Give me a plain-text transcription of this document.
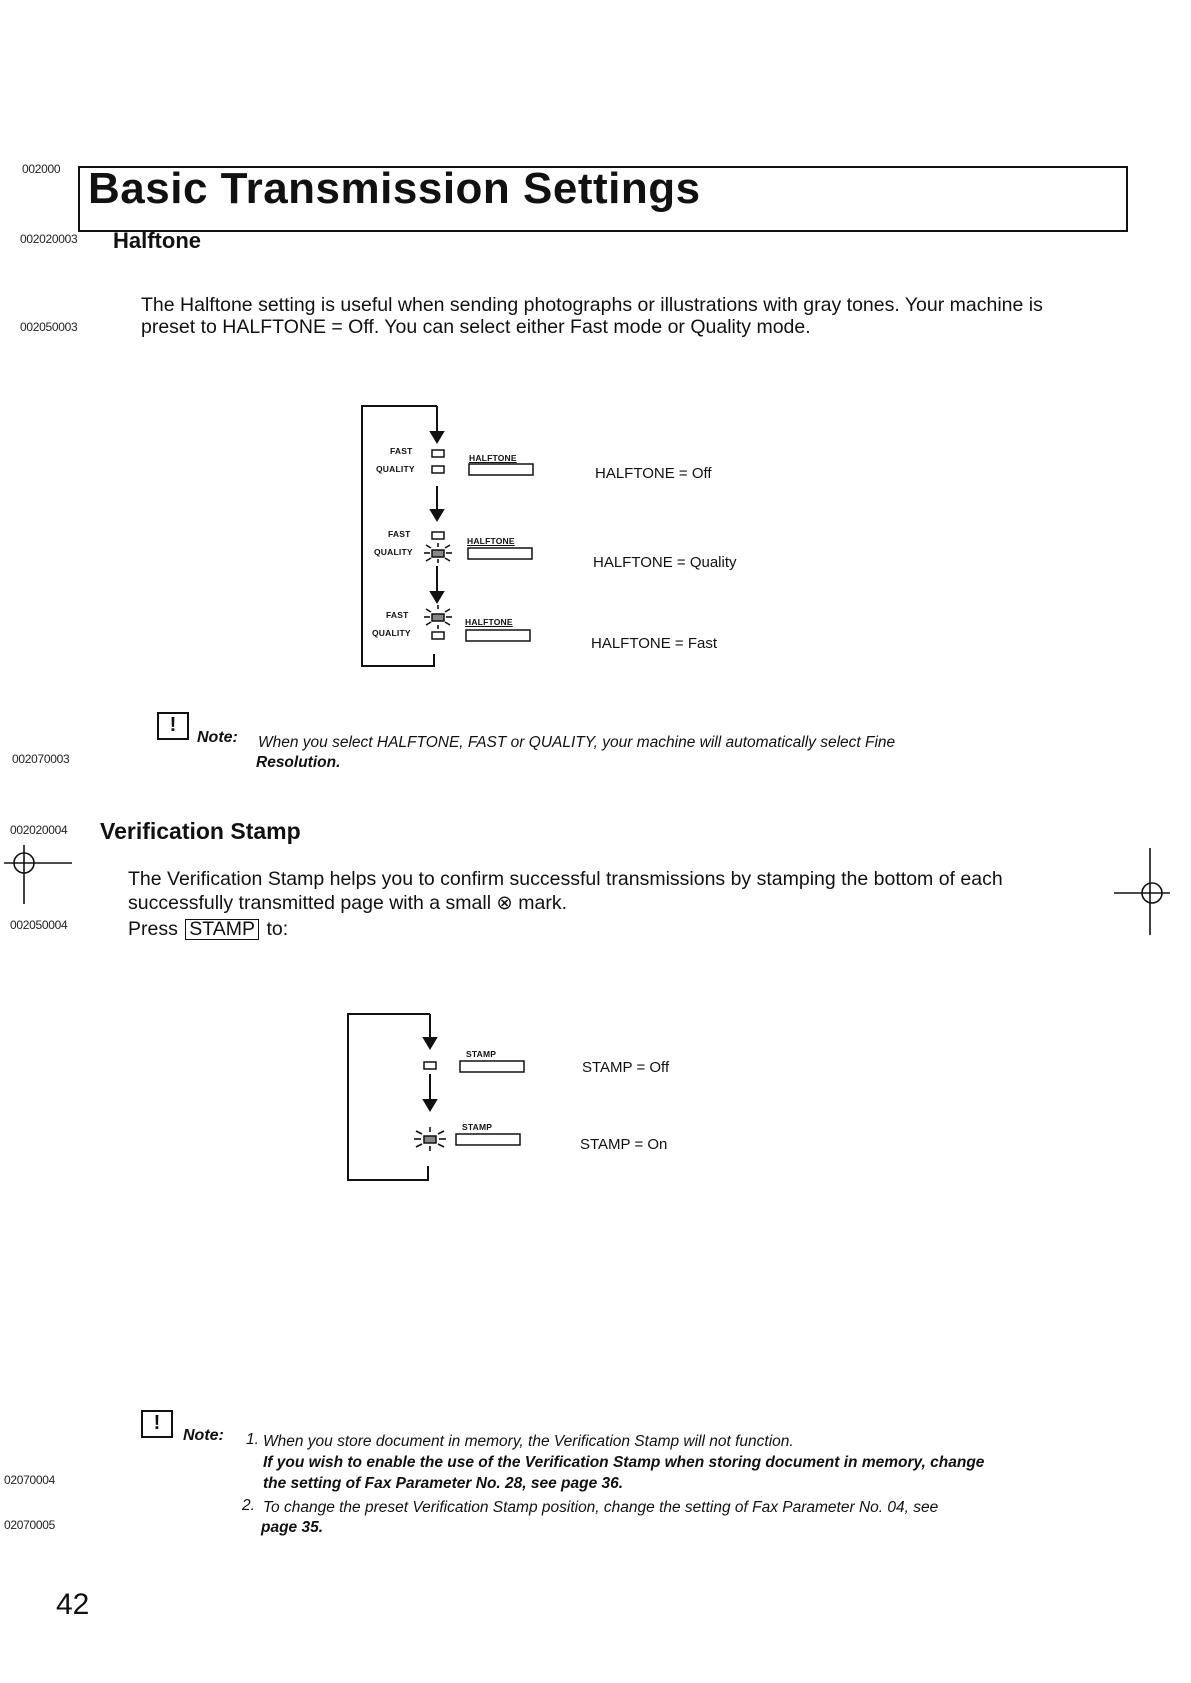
002000 Basic Transmission Settings
002020003 Halftone
The Halftone setting is useful when sending photographs or illustrations with gray tones. Your machine is
002050003	preset to HALFTONE = Off. You can select either Fast mode or Quality mode.
FAST
QUALITY
HALFTONE
HALFTONE = Off
FAST
QUALITY
HALFTONE
HALFTONE = Quality
FAST
QUALITY
HALFTONE
HALFTONE = Fast
!
Note:
002070003
When you select HALFTONE, FAST or QUALITY, your machine will automatically select Fine
Resolution.
002020004 Verification Stamp
The Verification Stamp helps you to confirm successful transmissions by stamping the bottom of each
successfully transmitted page with a small ⊗ mark.
002050004	Press STAMP to:
STAMP
STAMP = Off
STAMP
STAMP = On
!
Note: 1. When you store document in memory, the Verification Stamp will not function.
If you wish to enable the use of the Verification Stamp when storing document in memory, change
02070004	the setting of Fax Parameter No. 28, see page 36.
2. To change the preset Verification Stamp position, change the setting of Fax Parameter No. 04, see
02070005	page 35.
42
